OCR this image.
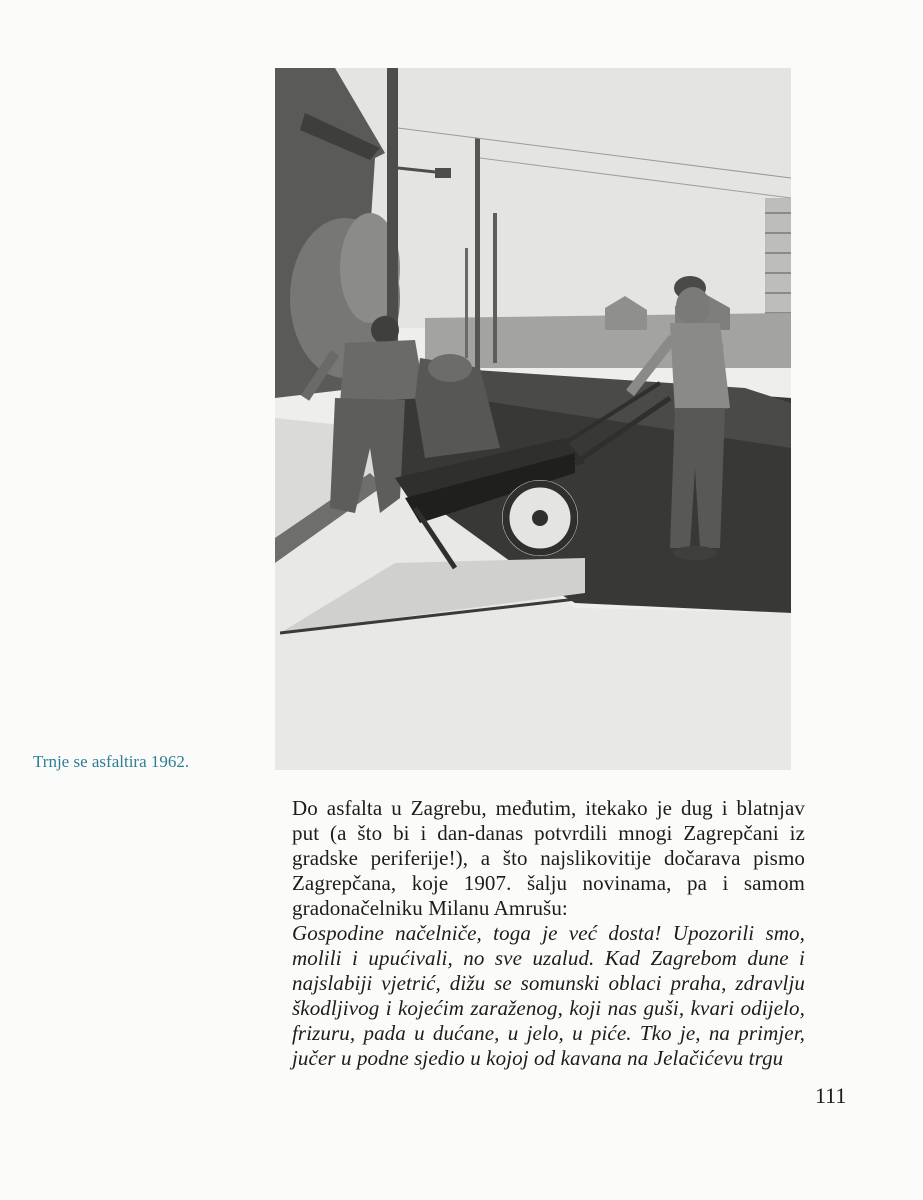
Trnje se asfaltira 1962.

Do asfalta u Zagrebu, međutim, itekako je dug i blatnjav put (a što bi i dan-danas potvrdili mnogi Zagrepčani iz gradske periferije!), a što najslikovitije dočarava pismo Zagrepčana, koje 1907. šalju novinama, pa i samom gradonačelniku Milanu Amrušu:

Gospodine načelniče, toga je već dosta! Upozorili smo, molili i upućivali, no sve uzalud. Kad Zagrebom dune i najslabiji vjetrić, dižu se somunski oblaci praha, zdravlju škodljivog i kojećim zaraženog, koji nas guši, kvari odijelo, frizuru, pada u dućane, u jelo, u piće. Tko je, na primjer, jučer u podne sjedio u kojoj od kavana na Jelačićevu trgu

111
